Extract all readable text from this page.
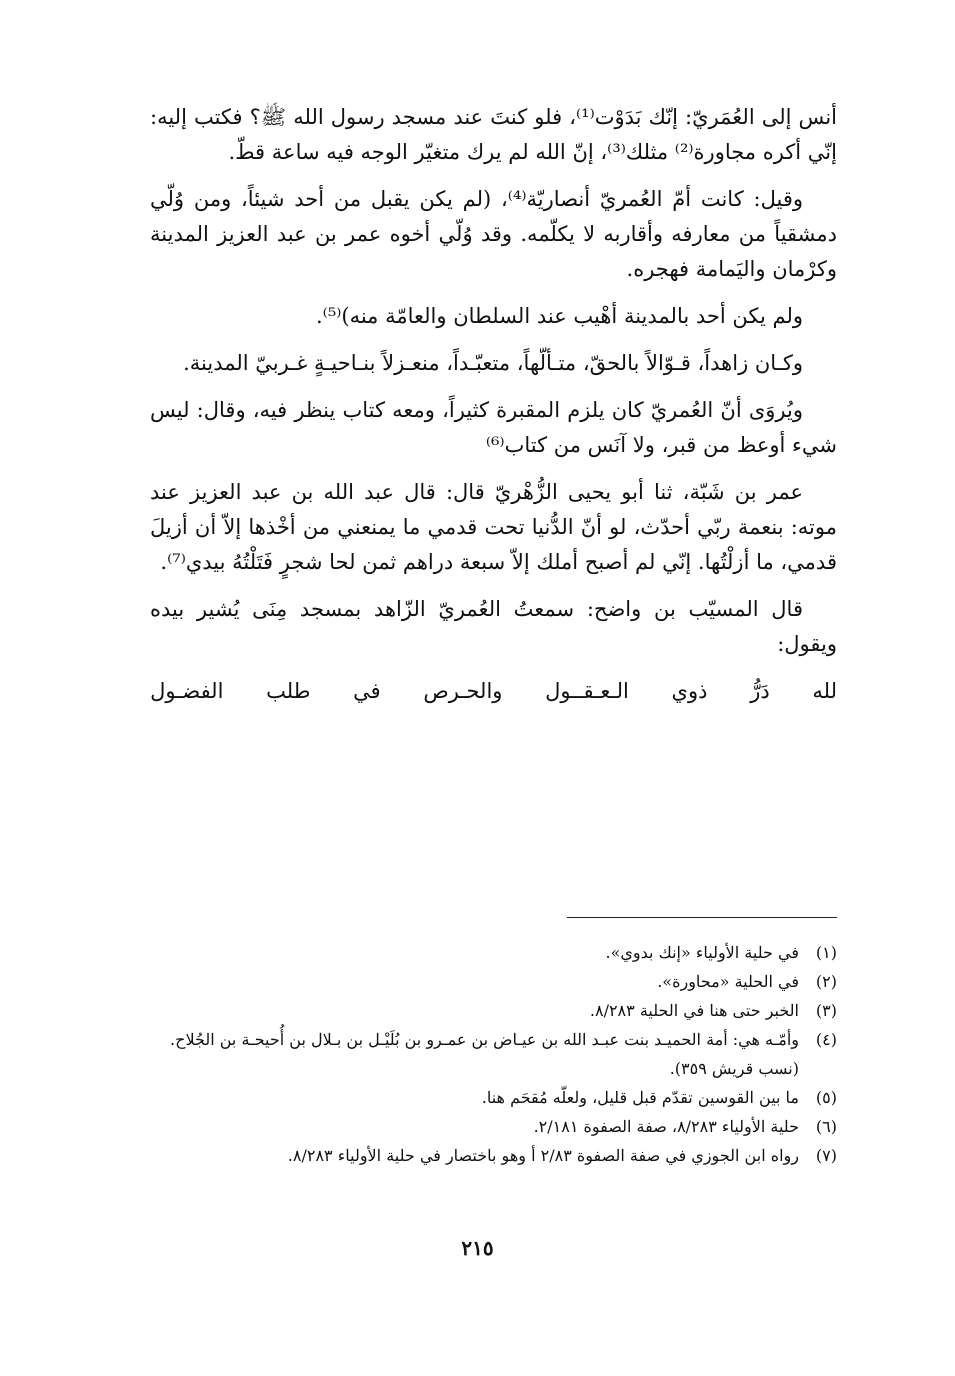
أنس إلى العُمَريّ: إنّك بَدَوْت⁽¹⁾، فلو كنتَ عند مسجد رسول الله ﷺ؟ فكتب إليه: إنّي أكره مجاورة⁽²⁾ مثلك⁽³⁾، إنّ الله لم يرك متغيّر الوجه فيه ساعة قطّ.

وقيل: كانت أمّ العُمريّ أنصاريّة⁽⁴⁾، (لم يكن يقبل من أحد شيئاً، ومن وُلّي دمشقياً من معارفه وأقاربه لا يكلّمه. وقد وُلّي أخوه عمر بن عبد العزيز المدينة وكرْمان واليَمامة فهجره.

ولم يكن أحد بالمدينة أهْيب عند السلطان والعامّة منه)⁽⁵⁾.

وكـان زاهداً، قـوّالاً بالحقّ، متـألّهاً، متعبّـداً، منعـزلاً بنـاحيـةٍ غـربيّ المدينة.

ويُروَى أنّ العُمريّ كان يلزم المقبرة كثيراً، ومعه كتاب ينظر فيه، وقال: ليس شيء أوعظ من قبر، ولا آنَس من كتاب⁽⁶⁾

عمر بن شَبّة، ثنا أبو يحيى الزُّهْريّ قال: قال عبد الله بن عبد العزيز عند موته: بنعمة ربّي أحدّث، لو أنّ الدُّنيا تحت قدمي ما يمنعني من أخْذها إلاّ أن أزيلَ قدمي، ما أزلْتُها. إنّي لم أصبح أملك إلاّ سبعة دراهم ثمن لحا شجرٍ فَتَلْتُهُ بيدي⁽⁷⁾.

قال المسيّب بن واضح: سمعتُ العُمريّ الزّاهد بمسجد مِنَى يُشير بيده ويقول:

لله
دَرُّ
ذوي
الـعـقــول
والحـرص
في
طلب
الفضـول
(١)
في حلية الأولياء «إنك بدوي».
(٢)
في الحلية «محاورة».
(٣)
الخبر حتى هنا في الحلية ٨/٢٨٣.
(٤)
وأمّـه هي: أمة الحميـد بنت عبـد الله بن عيـاض بن عمـرو بن بُلَيْـل بن بـلال بن أُحيحـة بن الجُلاح.

(نسب قريش ٣٥٩).

(٥)
ما بين القوسين تقدّم قبل قليل، ولعلّه مُقحَم هنا.
(٦)
حلية الأولياء ٨/٢٨٣، صفة الصفوة ٢/١٨١.
(٧)
رواه ابن الجوزي في صفة الصفوة ٢/٨٣ أ وهو باختصار في حلية الأولياء ٨/٢٨٣.
٢١٥
